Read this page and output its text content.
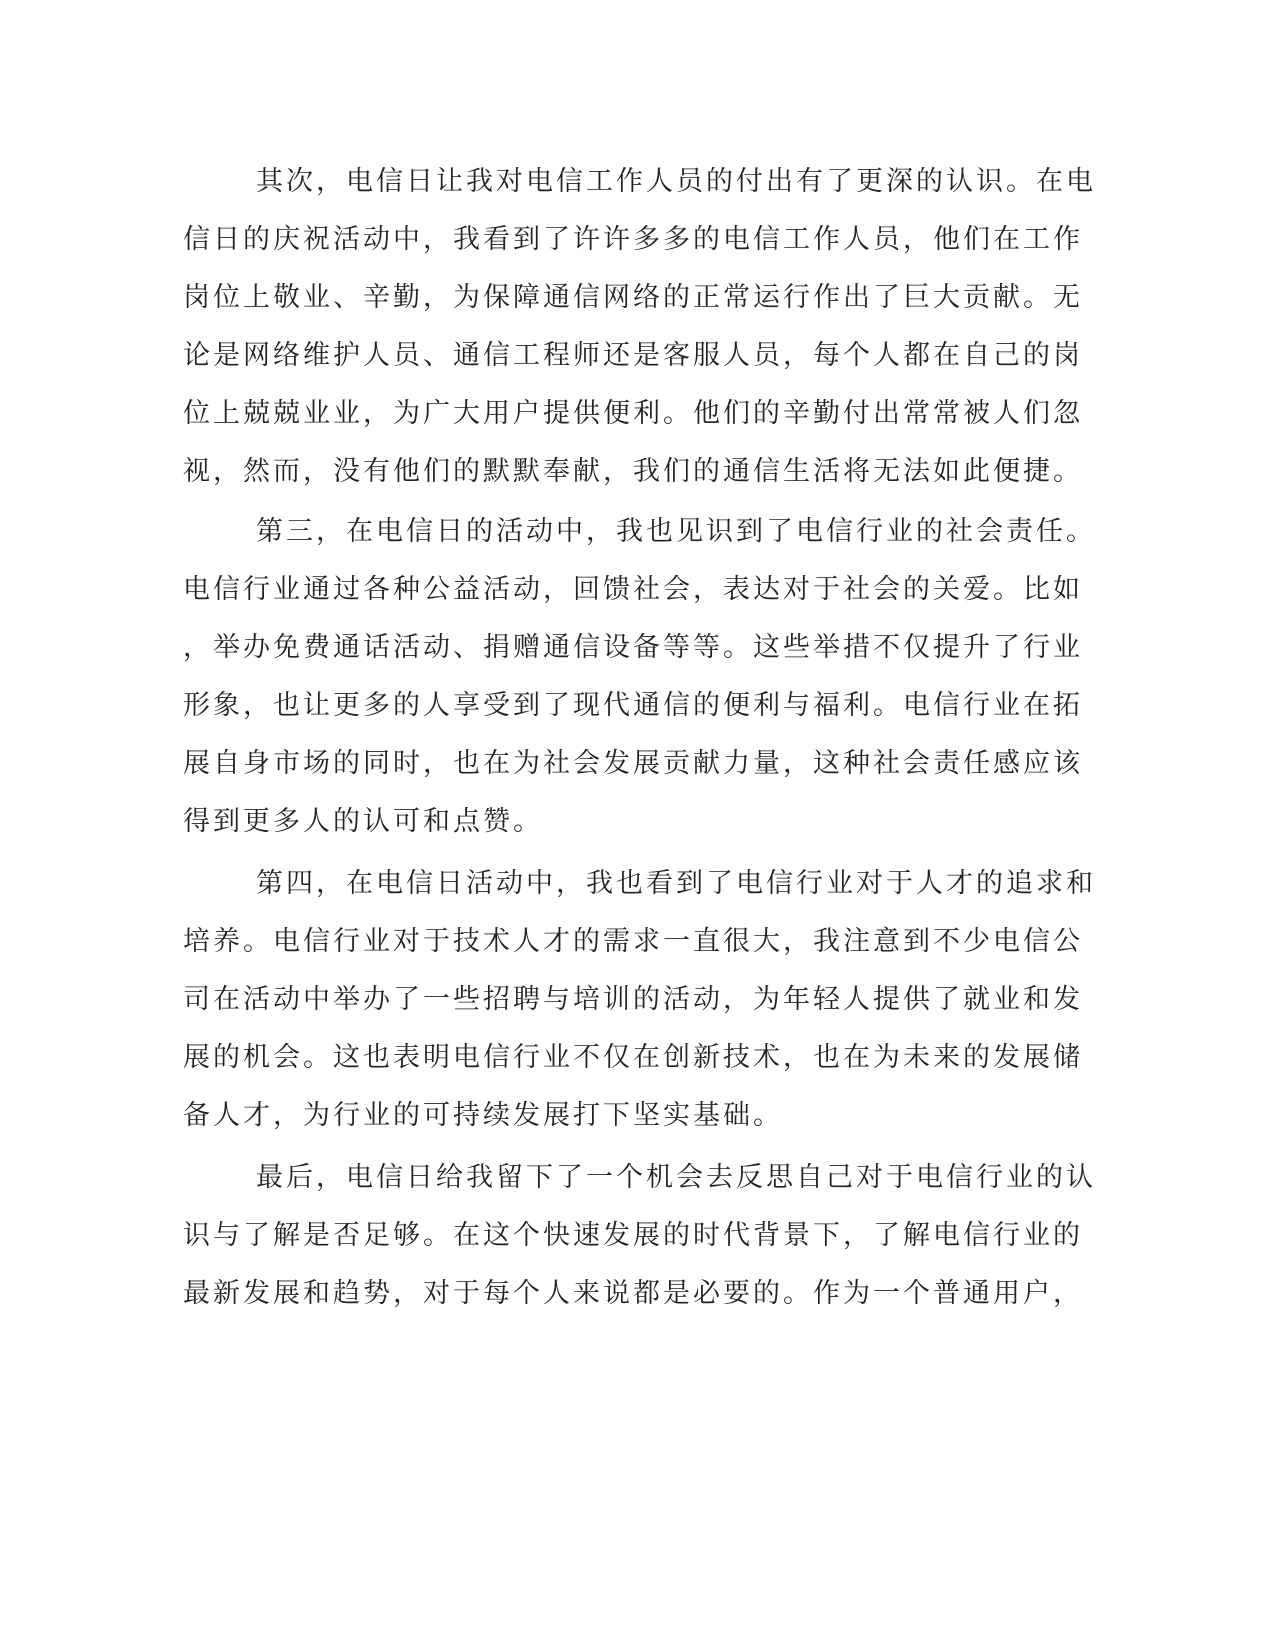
其次，电信日让我对电信工作人员的付出有了更深的认识。在电

信日的庆祝活动中，我看到了许许多多的电信工作人员，他们在工作

岗位上敬业、辛勤，为保障通信网络的正常运行作出了巨大贡献。无

论是网络维护人员、通信工程师还是客服人员，每个人都在自己的岗

位上兢兢业业，为广大用户提供便利。他们的辛勤付出常常被人们忽

视，然而，没有他们的默默奉献，我们的通信生活将无法如此便捷。

第三，在电信日的活动中，我也见识到了电信行业的社会责任。

电信行业通过各种公益活动，回馈社会，表达对于社会的关爱。比如

，举办免费通话活动、捐赠通信设备等等。这些举措不仅提升了行业

形象，也让更多的人享受到了现代通信的便利与福利。电信行业在拓

展自身市场的同时，也在为社会发展贡献力量，这种社会责任感应该

得到更多人的认可和点赞。

第四，在电信日活动中，我也看到了电信行业对于人才的追求和

培养。电信行业对于技术人才的需求一直很大，我注意到不少电信公

司在活动中举办了一些招聘与培训的活动，为年轻人提供了就业和发

展的机会。这也表明电信行业不仅在创新技术，也在为未来的发展储

备人才，为行业的可持续发展打下坚实基础。

最后，电信日给我留下了一个机会去反思自己对于电信行业的认

识与了解是否足够。在这个快速发展的时代背景下，了解电信行业的

最新发展和趋势，对于每个人来说都是必要的。作为一个普通用户，
